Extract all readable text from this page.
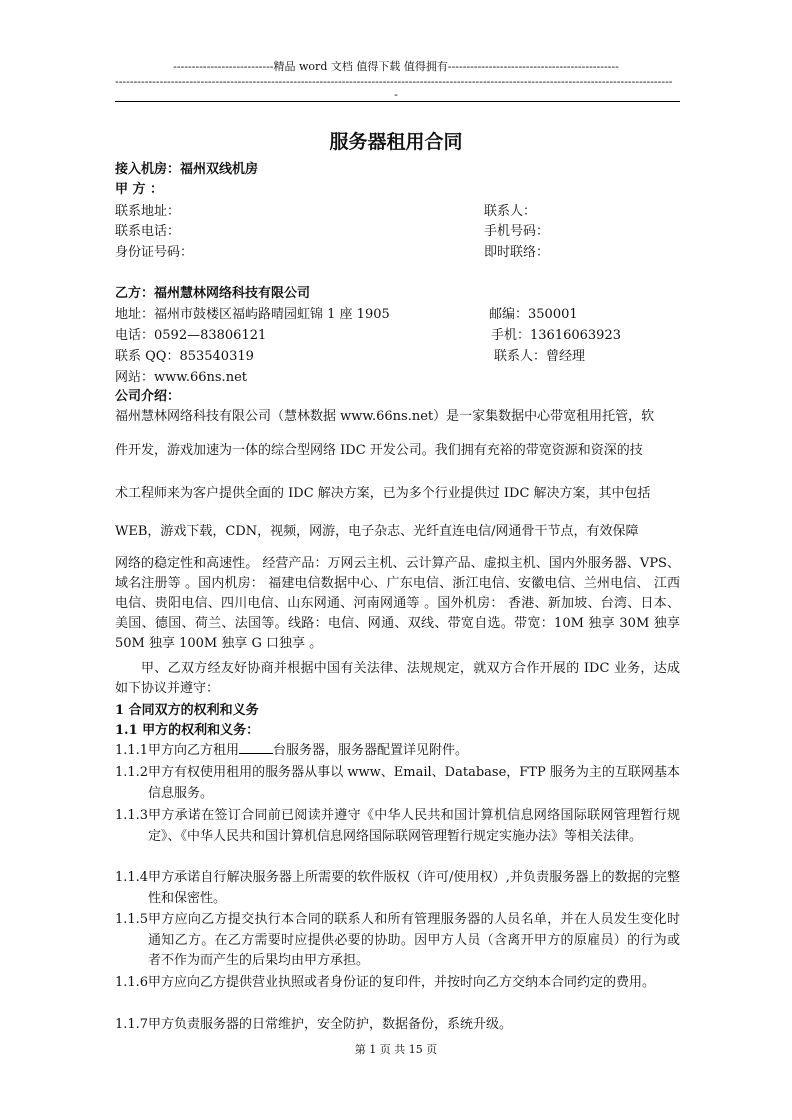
---------------------------精品 word 文档 值得下载 值得拥有----------------------------------------------
------------------------------------------------------------------------------------------------------------------------------------------------------
-
服务器租用合同
接入机房：福州双线机房
甲 方 ：
联系地址：	联系人：
联系电话：	手机号码：
身份证号码：	即时联络：
乙方：福州慧林网络科技有限公司
地址：福州市鼓楼区福屿路晴园虹锦 1 座 1905	邮编：350001
电话：0592—83806121	手机：13616063923
联系 QQ：853540319	联系人：曾经理
网站：www.66ns.net
公司介绍：
福州慧林网络科技有限公司（慧林数据 www.66ns.net）是一家集数据中心带宽租用托管，软
件开发，游戏加速为一体的综合型网络 IDC 开发公司。我们拥有充裕的带宽资源和资深的技
术工程师来为客户提供全面的 IDC 解决方案，已为多个行业提供过 IDC 解决方案，其中包括
WEB，游戏下载，CDN，视频，网游，电子杂志、光纤直连电信/网通骨干节点，有效保障
网络的稳定性和高速性。 经营产品：万网云主机、云计算产品、虚拟主机、国内外服务器、VPS、域名注册等 。国内机房： 福建电信数据中心、广东电信、浙江电信、安徽电信、兰州电信、 江西电信、贵阳电信、四川电信、山东网通、河南网通等 。国外机房： 香港、新加坡、台湾、日本、美国、德国、荷兰、法国等。线路：电信、网通、双线、带宽自选。带宽：10M 独享 30M 独享 50M 独享 100M 独享 G 口独享 。
甲、乙双方经友好协商并根据中国有关法律、法规规定，就双方合作开展的 IDC 业务，达成如下协议并遵守：
1 合同双方的权利和义务
1.1 甲方的权利和义务：
1.1.1 甲方向乙方租用	台服务器，服务器配置详见附件。
1.1.2 甲方有权使用租用的服务器从事以 www、Email、Database，FTP 服务为主的互联网基本信息服务。
1.1.3 甲方承诺在签订合同前已阅读并遵守《中华人民共和国计算机信息网络国际联网管理暂行规定》、《中华人民共和国计算机信息网络国际联网管理暂行规定实施办法》等相关法律。
1.1.4 甲方承诺自行解决服务器上所需要的软件版权（许可/使用权）,并负责服务器上的数据的完整性和保密性。
1.1.5 甲方应向乙方提交执行本合同的联系人和所有管理服务器的人员名单，并在人员发生变化时通知乙方。在乙方需要时应提供必要的协助。因甲方人员（含离开甲方的原雇员）的行为或者不作为而产生的后果均由甲方承担。
1.1.6 甲方应向乙方提供营业执照或者身份证的复印件，并按时向乙方交纳本合同约定的费用。
1.1.7 甲方负责服务器的日常维护，安全防护，数据备份，系统升级。
第 1 页 共 15 页
